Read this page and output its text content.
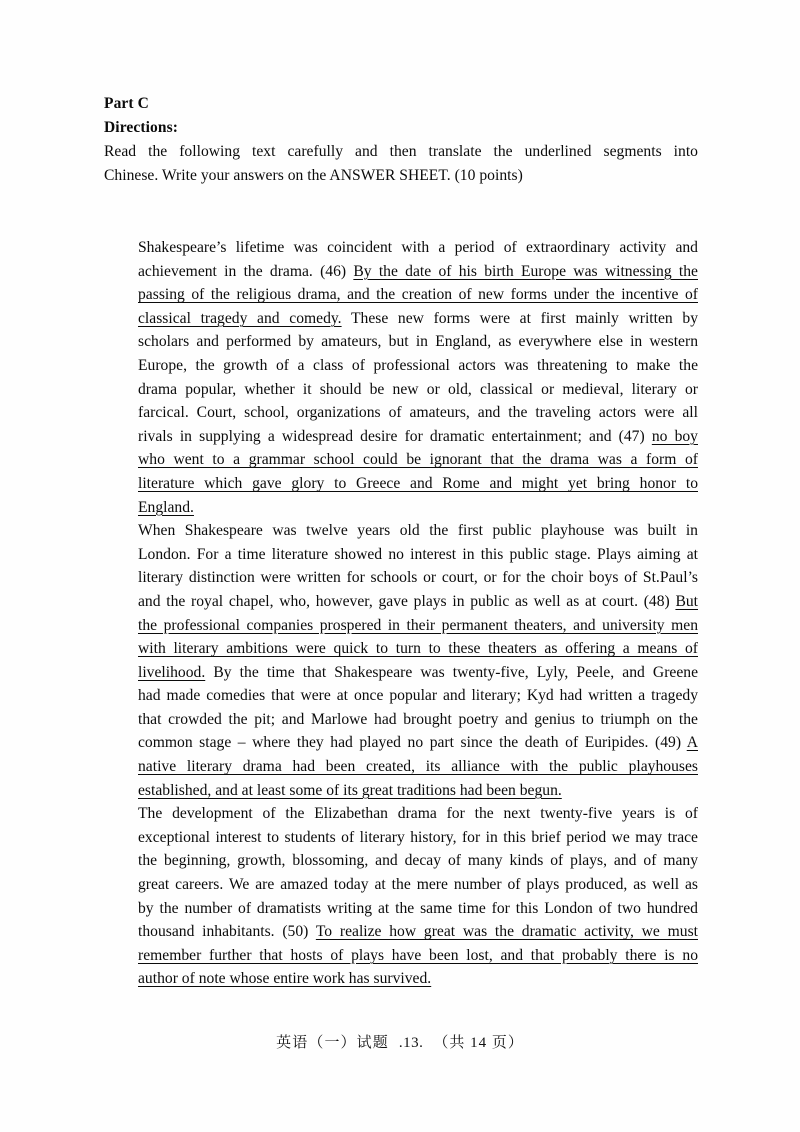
Part C
Directions:
Read the following text carefully and then translate the underlined segments into
Chinese. Write your answers on the ANSWER SHEET. (10 points)
Shakespeare’s lifetime was coincident with a period of extraordinary activity and
achievement in the drama. (46) By the date of his birth Europe was witnessing the
passing of the religious drama, and the creation of new forms under the incentive of
classical tragedy and comedy. These new forms were at first mainly written by
scholars and performed by amateurs, but in England, as everywhere else in western
Europe, the growth of a class of professional actors was threatening to make the
drama popular, whether it should be new or old, classical or medieval, literary or
farcical. Court, school, organizations of amateurs, and the traveling actors were all
rivals in supplying a widespread desire for dramatic entertainment; and (47) no boy
who went to a grammar school could be ignorant that the drama was a form of
literature which gave glory to Greece and Rome and might yet bring honor to
England.
When Shakespeare was twelve years old the first public playhouse was built in
London. For a time literature showed no interest in this public stage. Plays aiming at
literary distinction were written for schools or court, or for the choir boys of St.Paul’s
and the royal chapel, who, however, gave plays in public as well as at court. (48) But
the professional companies prospered in their permanent theaters, and university men
with literary ambitions were quick to turn to these theaters as offering a means of
livelihood. By the time that Shakespeare was twenty-five, Lyly, Peele, and Greene
had made comedies that were at once popular and literary; Kyd had written a tragedy
that crowded the pit; and Marlowe had brought poetry and genius to triumph on the
common stage – where they had played no part since the death of Euripides. (49) A
native literary drama had been created, its alliance with the public playhouses
established, and at least some of its great traditions had been begun.
The development of the Elizabethan drama for the next twenty-five years is of
exceptional interest to students of literary history, for in this brief period we may trace
the beginning, growth, blossoming, and decay of many kinds of plays, and of many
great careers. We are amazed today at the mere number of plays produced, as well as
by the number of dramatists writing at the same time for this London of two hundred
thousand inhabitants. (50) To realize how great was the dramatic activity, we must
remember further that hosts of plays have been lost, and that probably there is no
author of note whose entire work has survived.
英语（一）试题 .13. （共 14 页）
